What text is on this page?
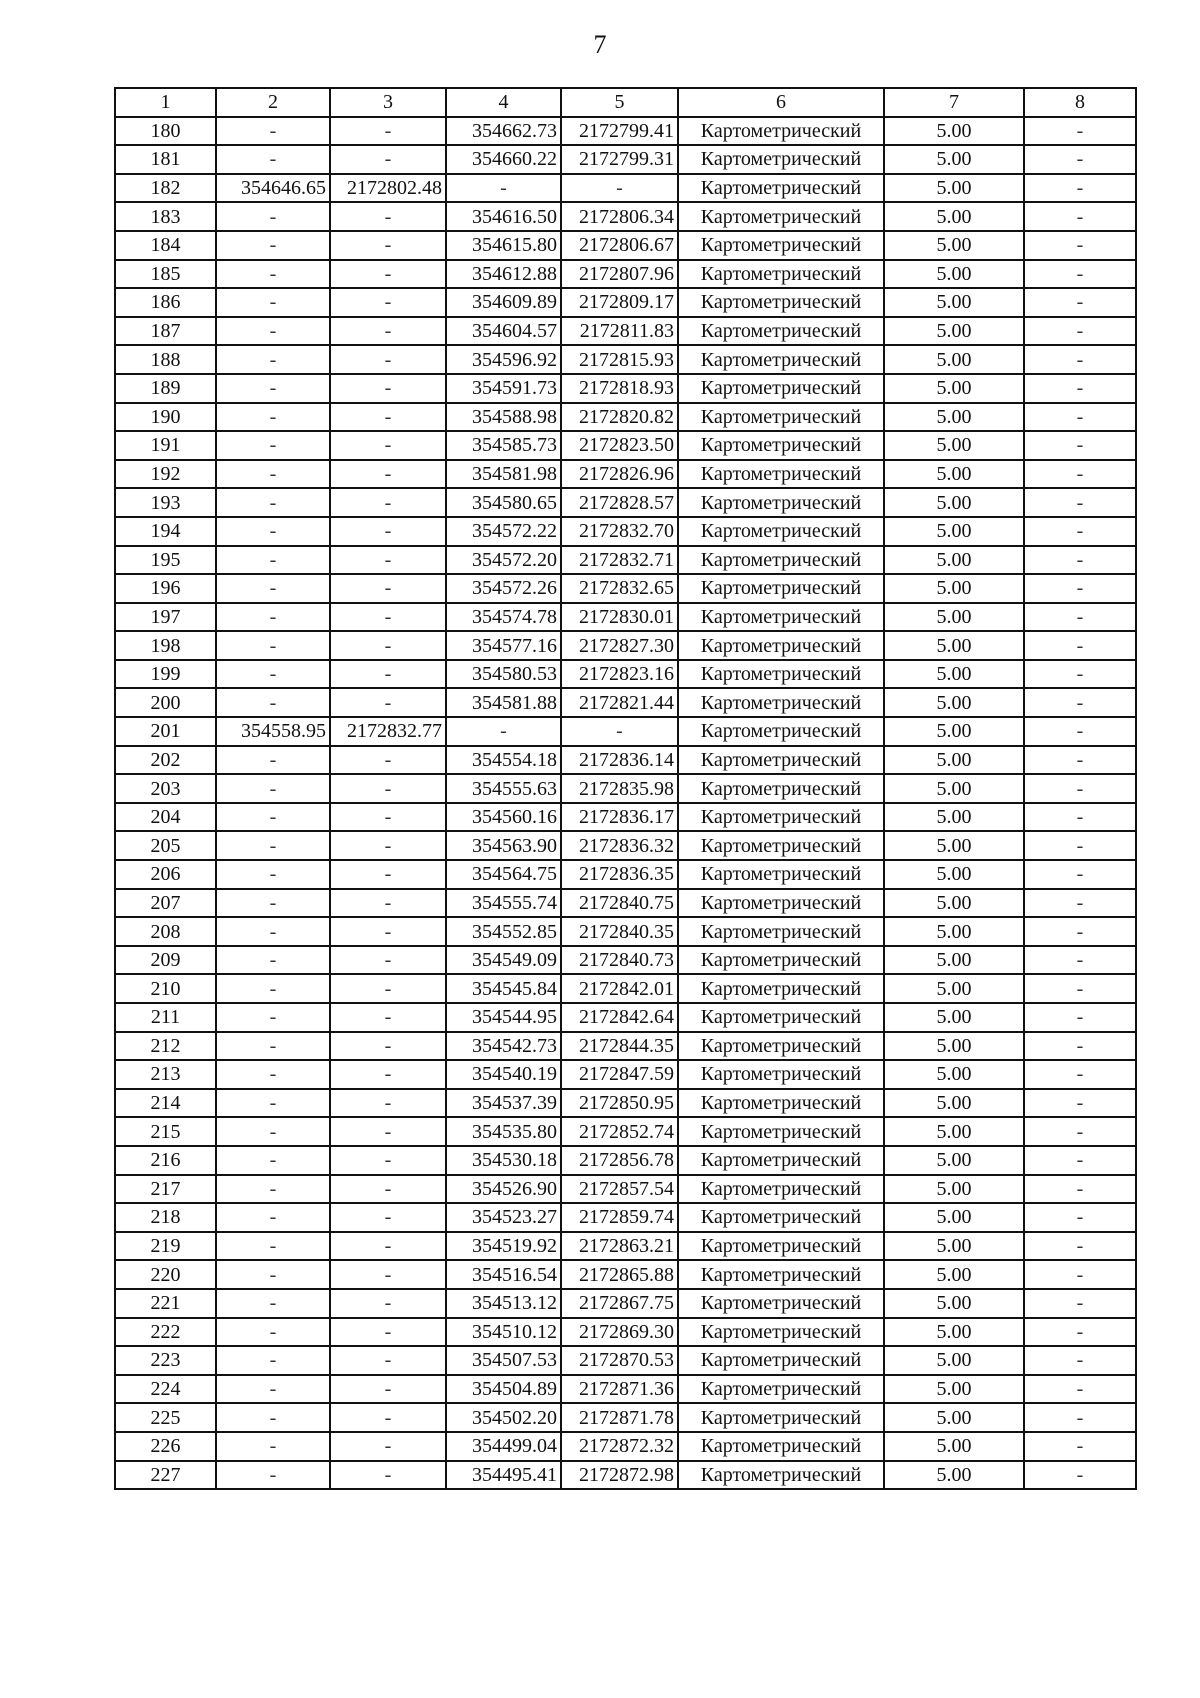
7
1	2	3	4	5	6	7	8
180	-	-	354662.73	2172799.41	Картометрический	5.00	-
181	-	-	354660.22	2172799.31	Картометрический	5.00	-
182	354646.65	2172802.48	-	-	Картометрический	5.00	-
183	-	-	354616.50	2172806.34	Картометрический	5.00	-
184	-	-	354615.80	2172806.67	Картометрический	5.00	-
185	-	-	354612.88	2172807.96	Картометрический	5.00	-
186	-	-	354609.89	2172809.17	Картометрический	5.00	-
187	-	-	354604.57	2172811.83	Картометрический	5.00	-
188	-	-	354596.92	2172815.93	Картометрический	5.00	-
189	-	-	354591.73	2172818.93	Картометрический	5.00	-
190	-	-	354588.98	2172820.82	Картометрический	5.00	-
191	-	-	354585.73	2172823.50	Картометрический	5.00	-
192	-	-	354581.98	2172826.96	Картометрический	5.00	-
193	-	-	354580.65	2172828.57	Картометрический	5.00	-
194	-	-	354572.22	2172832.70	Картометрический	5.00	-
195	-	-	354572.20	2172832.71	Картометрический	5.00	-
196	-	-	354572.26	2172832.65	Картометрический	5.00	-
197	-	-	354574.78	2172830.01	Картометрический	5.00	-
198	-	-	354577.16	2172827.30	Картометрический	5.00	-
199	-	-	354580.53	2172823.16	Картометрический	5.00	-
200	-	-	354581.88	2172821.44	Картометрический	5.00	-
201	354558.95	2172832.77	-	-	Картометрический	5.00	-
202	-	-	354554.18	2172836.14	Картометрический	5.00	-
203	-	-	354555.63	2172835.98	Картометрический	5.00	-
204	-	-	354560.16	2172836.17	Картометрический	5.00	-
205	-	-	354563.90	2172836.32	Картометрический	5.00	-
206	-	-	354564.75	2172836.35	Картометрический	5.00	-
207	-	-	354555.74	2172840.75	Картометрический	5.00	-
208	-	-	354552.85	2172840.35	Картометрический	5.00	-
209	-	-	354549.09	2172840.73	Картометрический	5.00	-
210	-	-	354545.84	2172842.01	Картометрический	5.00	-
211	-	-	354544.95	2172842.64	Картометрический	5.00	-
212	-	-	354542.73	2172844.35	Картометрический	5.00	-
213	-	-	354540.19	2172847.59	Картометрический	5.00	-
214	-	-	354537.39	2172850.95	Картометрический	5.00	-
215	-	-	354535.80	2172852.74	Картометрический	5.00	-
216	-	-	354530.18	2172856.78	Картометрический	5.00	-
217	-	-	354526.90	2172857.54	Картометрический	5.00	-
218	-	-	354523.27	2172859.74	Картометрический	5.00	-
219	-	-	354519.92	2172863.21	Картометрический	5.00	-
220	-	-	354516.54	2172865.88	Картометрический	5.00	-
221	-	-	354513.12	2172867.75	Картометрический	5.00	-
222	-	-	354510.12	2172869.30	Картометрический	5.00	-
223	-	-	354507.53	2172870.53	Картометрический	5.00	-
224	-	-	354504.89	2172871.36	Картометрический	5.00	-
225	-	-	354502.20	2172871.78	Картометрический	5.00	-
226	-	-	354499.04	2172872.32	Картометрический	5.00	-
227	-	-	354495.41	2172872.98	Картометрический	5.00	-
